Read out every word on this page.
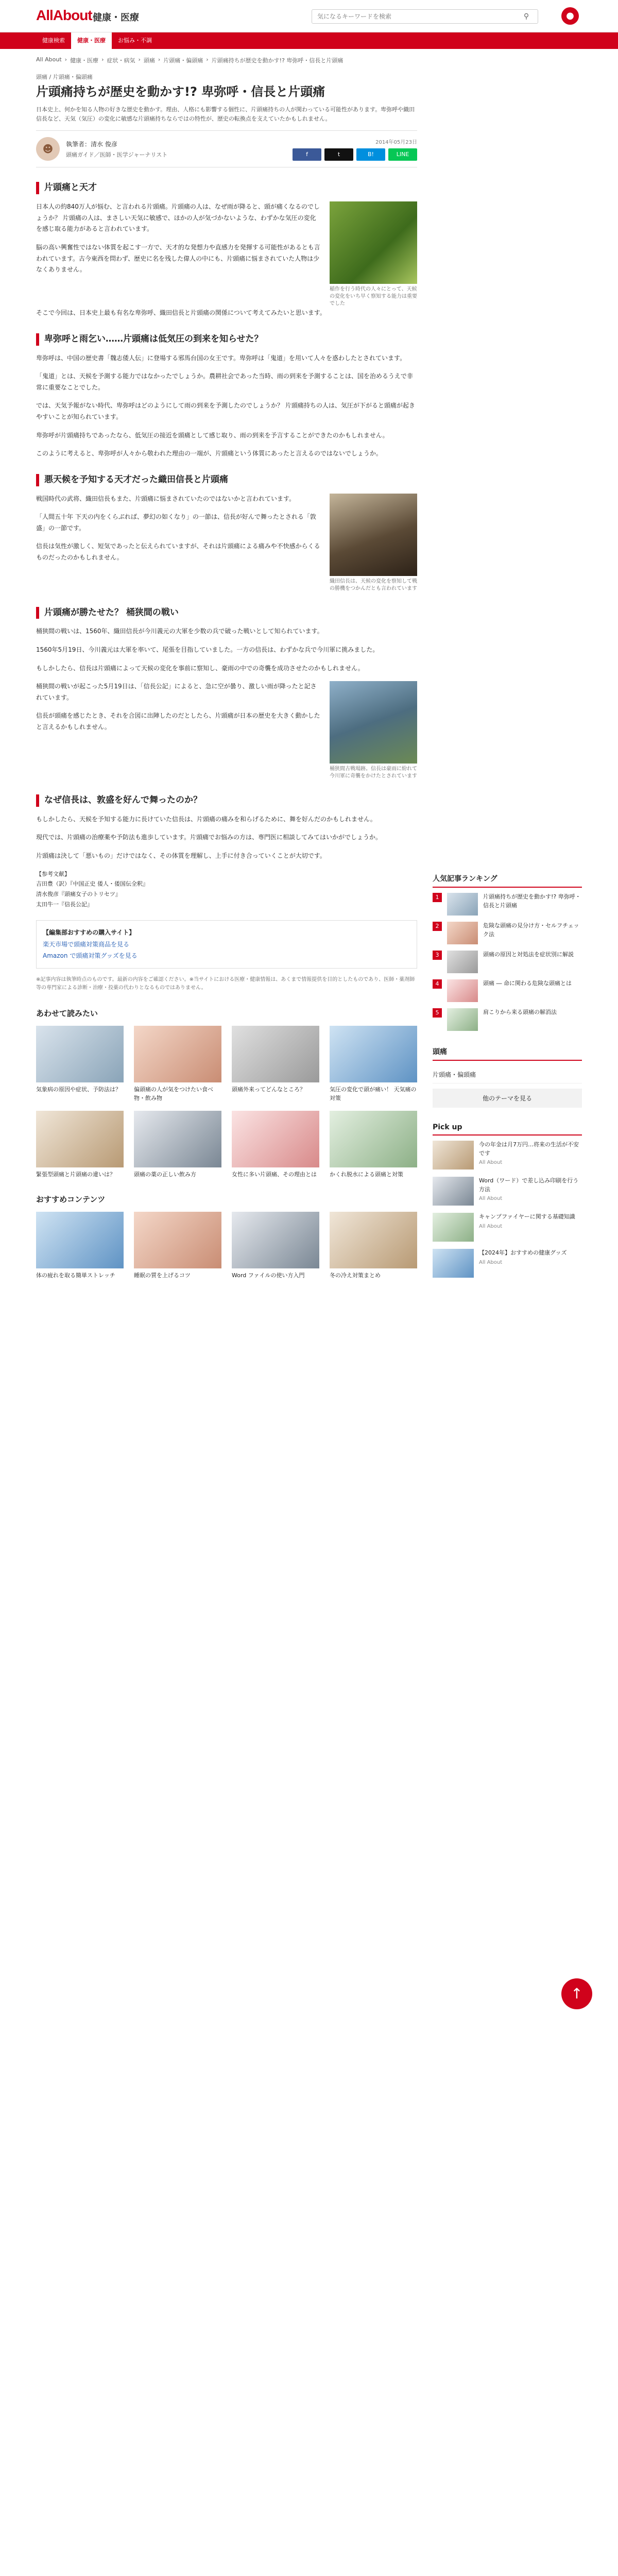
AllAbout 健康・医療
気になるキーワードを検索	⚲	●
健康検索	健康・医療	お悩み・不調
All About › 健康・医療 › 症状・病気 › 頭痛 › 片頭痛・偏頭痛 › 片頭痛持ちが歴史を動かす!? 卑弥呼・信長と片頭痛
頭痛 / 片頭痛・偏頭痛
片頭痛持ちが歴史を動かす!? 卑弥呼・信長と片頭痛
日本史上、何かを知る人物の好きな歴史を動かす。理由、人格にも影響する個性に、片頭痛持ちの人が関わっている可能性があります。卑弥呼や織田信長など、天気（気圧）の変化に敏感な片頭痛持ちならではの特性が、歴史の転換点を支えていたかもしれません。
☻	執筆者：清水 俊彦
頭痛ガイド／医師・医学ジャーナリスト
2014年05月23日
f	t	B!	LINE
片頭痛と天才

日本人の約840万人が悩む、と言われる片頭痛。片頭痛の人は、なぜ雨が降ると、頭が痛くなるのでしょうか？ 片頭痛の人は、まさしい天気に敏感で、ほかの人が気づかないような、わずかな気圧の変化を感じ取る能力があると言われています。

脳の高い興奮性ではない体質を起こす一方で、天才的な発想力や直感力を発揮する可能性があるとも言われています。古今東西を問わず、歴史に名を残した偉人の中にも、片頭痛に悩まされていた人物は少なくありません。

稲作を行う時代の人々にとって、天候の変化をいち早く察知する能力は重要でした

そこで今回は、日本史上最も有名な卑弥呼、織田信長と片頭痛の関係について考えてみたいと思います。

卑弥呼と雨乞い……片頭痛は低気圧の到来を知らせた？

卑弥呼は、中国の歴史書「魏志倭人伝」に登場する邪馬台国の女王です。卑弥呼は「鬼道」を用いて人々を惑わしたとされています。

「鬼道」とは、天候を予測する能力ではなかったでしょうか。農耕社会であった当時、雨の到来を予測することは、国を治めるうえで非常に重要なことでした。

では、天気予報がない時代、卑弥呼はどのようにして雨の到来を予測したのでしょうか？ 片頭痛持ちの人は、気圧が下がると頭痛が起きやすいことが知られています。

卑弥呼が片頭痛持ちであったなら、低気圧の接近を頭痛として感じ取り、雨の到来を予言することができたのかもしれません。

このように考えると、卑弥呼が人々から敬われた理由の一端が、片頭痛という体質にあったと言えるのではないでしょうか。

悪天候を予知する天才だった織田信長と片頭痛

戦国時代の武将、織田信長もまた、片頭痛に悩まされていたのではないかと言われています。

「人間五十年 下天の内をくらぶれば、夢幻の如くなり」の一節は、信長が好んで舞ったとされる「敦盛」の一節です。

信長は気性が激しく、短気であったと伝えられていますが、それは片頭痛による痛みや不快感からくるものだったのかもしれません。

織田信長は、天候の変化を察知して戦の勝機をつかんだとも言われています
片頭痛が勝たせた？ 桶狭間の戦い

桶狭間の戦いは、1560年、織田信長が今川義元の大軍を少数の兵で破った戦いとして知られています。

1560年5月19日、今川義元は大軍を率いて、尾張を目指していました。一方の信長は、わずかな兵で今川軍に挑みました。

もしかしたら、信長は片頭痛によって天候の変化を事前に察知し、豪雨の中での奇襲を成功させたのかもしれません。

桶狭間の戦いが起こった5月19日は、「信長公記」によると、急に空が曇り、激しい雨が降ったと記されています。

信長が頭痛を感じたとき、それを合図に出陣したのだとしたら、片頭痛が日本の歴史を大きく動かしたと言えるかもしれません。

桶狭間古戦場跡。信長は豪雨に紛れて今川軍に奇襲をかけたとされています
なぜ信長は、敦盛を好んで舞ったのか？

もしかしたら、天候を予知する能力に長けていた信長は、片頭痛の痛みを和らげるために、舞を好んだのかもしれません。

現代では、片頭痛の治療薬や予防法も進歩しています。片頭痛でお悩みの方は、専門医に相談してみてはいかがでしょうか。

片頭痛は決して「悪いもの」だけではなく、その体質を理解し、上手に付き合っていくことが大切です。

【参考文献】
吉田豊（訳）『中国正史 倭人・倭国伝全釈』
清水俊彦『頭痛女子のトリセツ』
太田牛一『信長公記』
【編集部おすすめの購入サイト】
楽天市場で頭痛対策商品を見る
Amazon で頭痛対策グッズを見る
※記事内容は執筆時点のものです。最新の内容をご確認ください。※当サイトにおける医療・健康情報は、あくまで情報提供を目的としたものであり、医師・薬剤師等の専門家による診断・治療・投薬の代わりとなるものではありません。
あわせて読みたい
気象病の原因や症状、予防法は？	偏頭痛の人が気をつけたい食べ物・飲み物
頭痛外来ってどんなところ？	気圧の変化で頭が痛い！ 天気痛の対策
緊張型頭痛と片頭痛の違いは？	頭痛の薬の正しい飲み方	女性に多い片頭痛、その理由とは	かくれ脱水による頭痛と対策
おすすめコンテンツ
体の疲れを取る簡単ストレッチ	睡眠の質を上げるコツ	Word ファイルの使い方入門	冬の冷え対策まとめ
人気記事ランキング
1	片頭痛持ちが歴史を動かす!? 卑弥呼・信長と片頭痛
2	危険な頭痛の見分け方・セルフチェック法
3	頭痛の原因と対処法を症状別に解説
4	頭痛 ― 命に関わる危険な頭痛とは
5	肩こりから来る頭痛の解消法
頭痛
片頭痛・偏頭痛
他のテーマを見る
Pick up
今の年金は月7万円…将来の生活が不安です
All About
Word（ワード）で差し込み印刷を行う方法
All About
キャンプファイヤーに関する基礎知識
All About
【2024年】おすすめの健康グッズ
All About
↑
